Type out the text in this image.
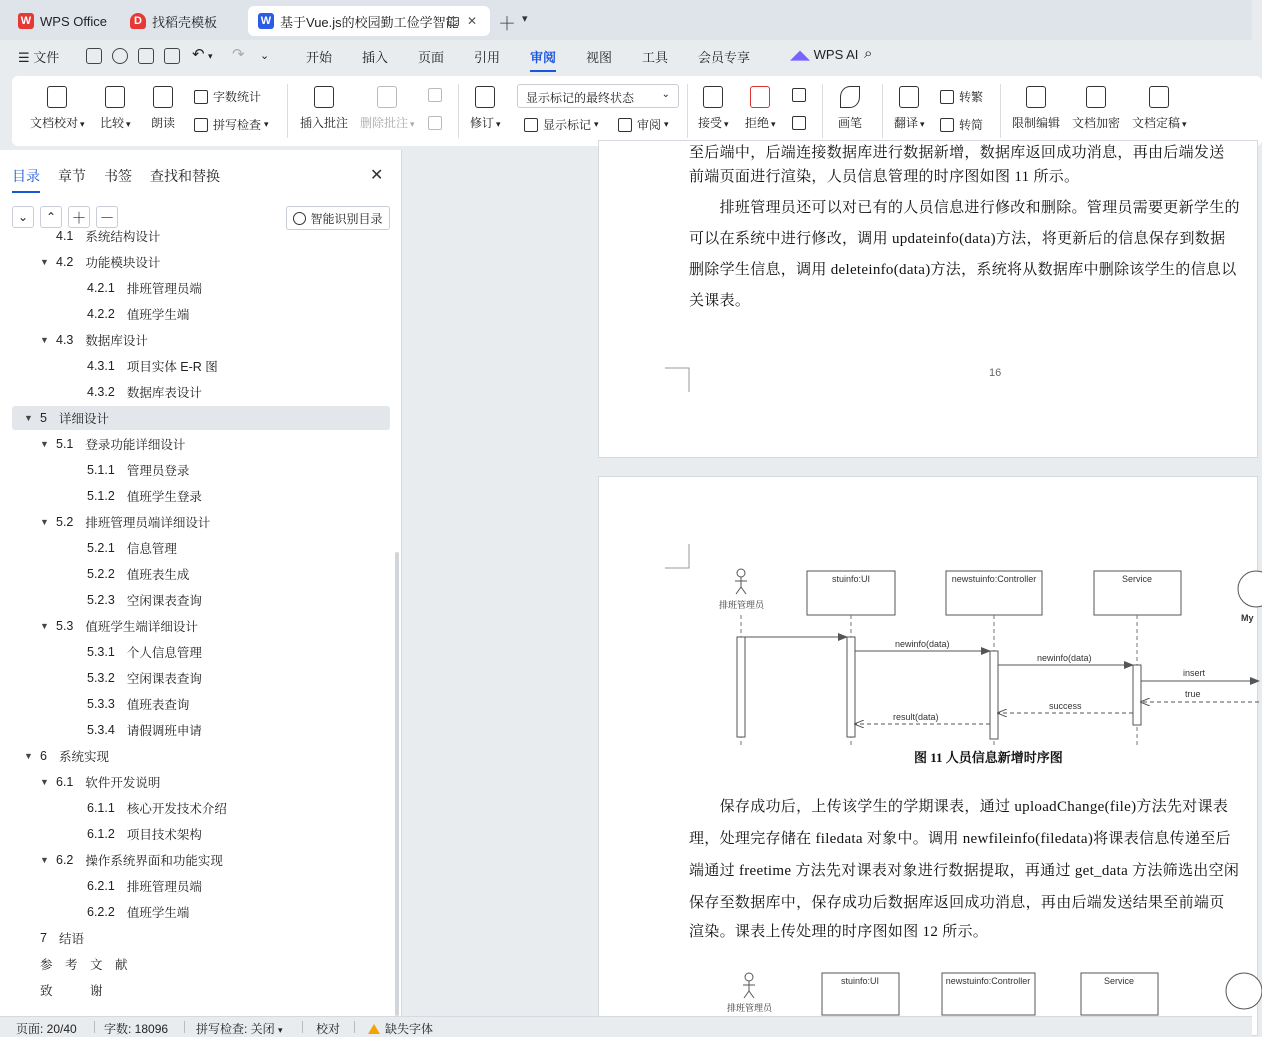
W WPS Office	D 找稻壳模板	W 基于Vue.js的校园勤工俭学智能 ✕ ＋ ▾
☰ 文件	↶ ▾ ↷ ⌄	开始 插入 页面 引用 审阅 视图 工具 会员专享	◢◣ WPS AI ⌕
文档校对 ▾ 比较 ▾ 朗读
字数统计
拼写检查 ▾	插入批注 删除批注 ▾	修订 ▾
显示标记的最终状态	⌄
显示标记 ▾	审阅 ▾ 接受 ▾ 拒绝 ▾	画笔	翻译 ▾
转繁
转简 限制编辑 文档加密 文档定稿 ▾
目录 章节 书签 查找和替换	✕
⌄ ⌃ ＋ －	智能识别目录
4.1 系统结构设计
▼ 4.2 功能模块设计
4.2.1 排班管理员端
4.2.2 值班学生端
▼ 4.3 数据库设计
4.3.1 项目实体 E-R 图
4.3.2 数据库表设计
▼ 5 详细设计
▼ 5.1 登录功能详细设计
5.1.1 管理员登录
5.1.2 值班学生登录
▼ 5.2 排班管理员端详细设计
5.2.1 信息管理
5.2.2 值班表生成
5.2.3 空闲课表查询
▼ 5.3 值班学生端详细设计
5.3.1 个人信息管理
5.3.2 空闲课表查询
5.3.3 值班表查询
5.3.4 请假调班申请
▼ 6 系统实现
▼ 6.1 软件开发说明
6.1.1 核心开发技术介绍
6.1.2 项目技术架构
▼ 6.2 操作系统界面和功能实现
6.2.1 排班管理员端
6.2.2 值班学生端
7 结语
参　考　文　献
致　　　谢
至后端中，后端连接数据库进行数据新增，数据库返回成功消息，再由后端发送
前端页面进行渲染，人员信息管理的时序图如图 11 所示。
　　排班管理员还可以对已有的人员信息进行修改和删除。管理员需要更新学生的
可以在系统中进行修改，调用 updateinfo(data)方法，将更新后的信息保存到数据
删除学生信息，调用 deleteinfo(data)方法，系统将从数据库中删除该学生的信息以
关课表。
16
排班管理员
stuinfo:UI	newstuinfo:Controller	Service
My
newinfo(data)
newinfo(data)
insert
true
success
result(data)
图 11 人员信息新增时序图
　　保存成功后，上传该学生的学期课表，通过 uploadChange(file)方法先对课表
理，处理完存储在 filedata 对象中。调用 newfileinfo(filedata)将课表信息传递至后
端通过 freetime 方法先对课表对象进行数据提取，再通过 get_data 方法筛选出空闲
保存至数据库中，保存成功后数据库返回成功消息，再由后端发送结果至前端页
渲染。课表上传处理的时序图如图 12 所示。
排班管理员
stuinfo:UI	newstuinfo:Controller	Service
页面: 20/40 字数: 18096 拼写检查: 关闭 ▾	校对	缺失字体
